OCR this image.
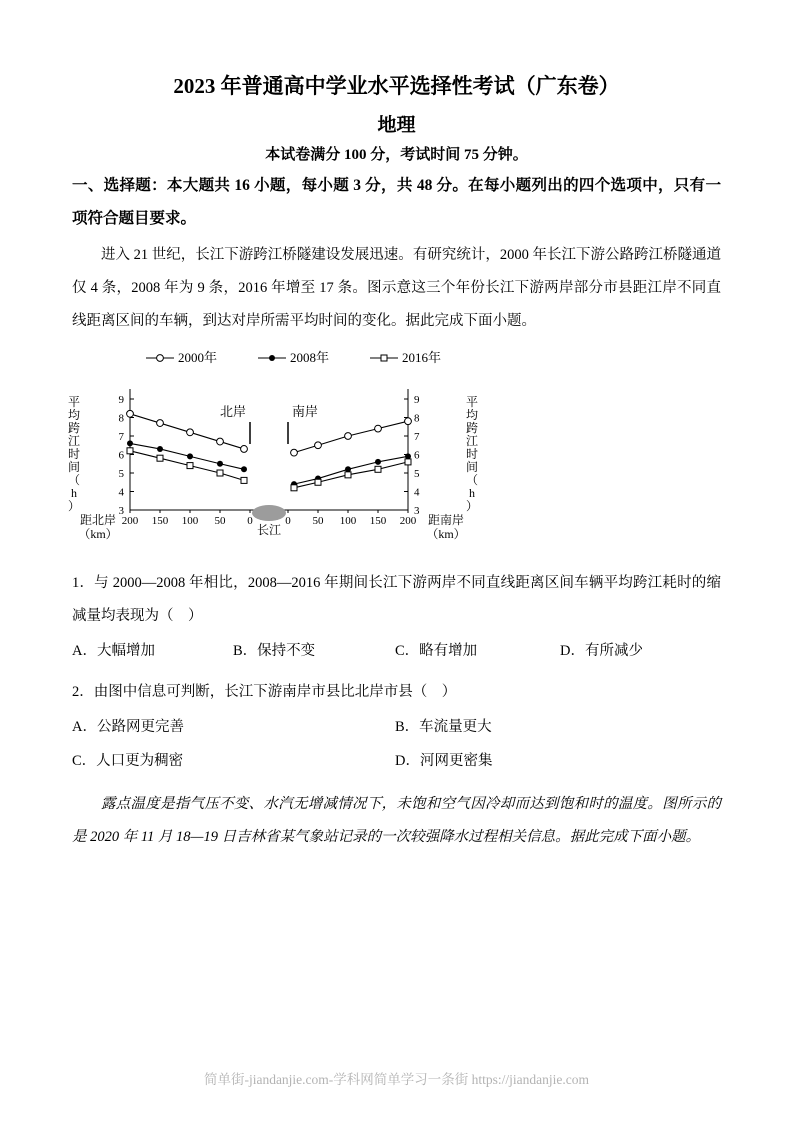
2023 年普通高中学业水平选择性考试（广东卷）
地理
本试卷满分 100 分，考试时间 75 分钟。
一、选择题：本大题共 16 小题，每小题 3 分，共 48 分。在每小题列出的四个选项中，只有一项符合题目要求。

进入 21 世纪，长江下游跨江桥隧建设发展迅速。有研究统计，2000 年长江下游公路跨江桥隧通道仅 4 条，2008 年为 9 条，2016 年增至 17 条。图示意这三个年份长江下游两岸部分市县距江岸不同直线距离区间的车辆，到达对岸所需平均时间的变化。据此完成下面小题。

3	3
4	4
5	5
6	6
7	7
8	8
9	9
200	200
150	150
100	100
50	50
0	0
长江
北岸	南岸
2000年	2008年	2016年
平均跨江时间（ h ）
平均跨江时间（ h ）
距北岸
（km）
距南岸
（km）

1．与 2000—2008 年相比，2008—2016 年期间长江下游两岸不同直线距离区间车辆平均跨江耗时的缩减量均表现为（　）

A．大幅增加	B．保持不变	C．略有增加	D．有所减少

2．由图中信息可判断，长江下游南岸市县比北岸市县（　）

A．公路网更完善	B．车流量更大
C．人口更为稠密	D．河网更密集

露点温度是指气压不变、水汽无增减情况下，未饱和空气因冷却而达到饱和时的温度。图所示的是 2020 年 11 月 18—19 日吉林省某气象站记录的一次较强降水过程相关信息。据此完成下面小题。

简单街-jiandanjie.com-学科网简单学习一条街 https://jiandanjie.com
